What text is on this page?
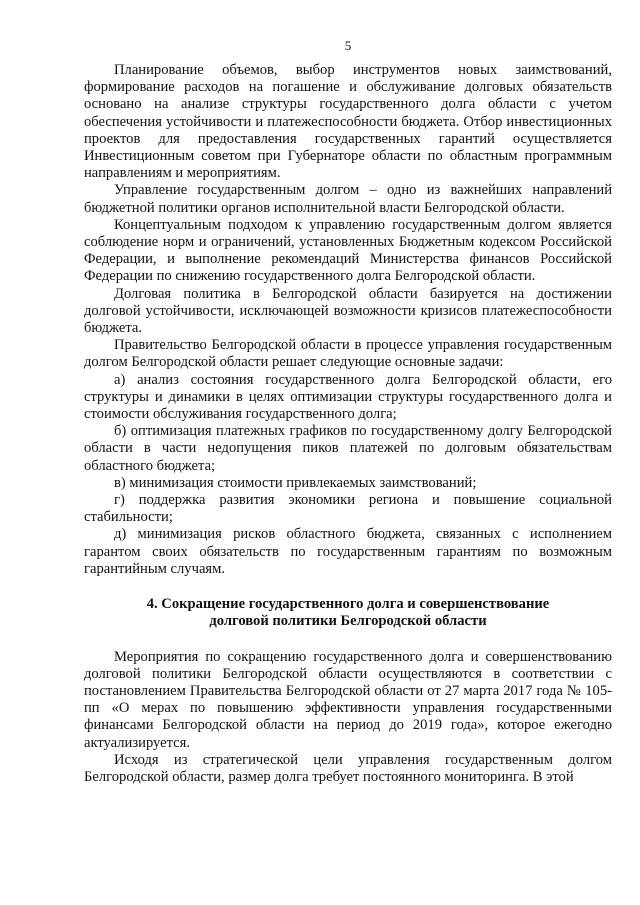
5

Планирование объемов, выбор инструментов новых заимствований, формирование расходов на погашение и обслуживание долговых обязательств основано на анализе структуры государственного долга области с учетом обеспечения устойчивости и платежеспособности бюджета. Отбор инвестиционных проектов для предоставления государственных гарантий осуществляется Инвестиционным советом при Губернаторе области по областным программным направлениям и мероприятиям.

Управление государственным долгом – одно из важнейших направлений бюджетной политики органов исполнительной власти Белгородской области.

Концептуальным подходом к управлению государственным долгом является соблюдение норм и ограничений, установленных Бюджетным кодексом Российской Федерации, и выполнение рекомендаций Министерства финансов Российской Федерации по снижению государственного долга Белгородской области.

Долговая политика в Белгородской области базируется на достижении долговой устойчивости, исключающей возможности кризисов платежеспособности бюджета.

Правительство Белгородской области в процессе управления государственным долгом Белгородской области решает следующие основные задачи:

а) анализ состояния государственного долга Белгородской области, его структуры и динамики в целях оптимизации структуры государственного долга и стоимости обслуживания государственного долга;

б) оптимизация платежных графиков по государственному долгу Белгородской области в части недопущения пиков платежей по долговым обязательствам областного бюджета;

в) минимизация стоимости привлекаемых заимствований;

г) поддержка развития экономики региона и повышение социальной стабильности;

д) минимизация рисков областного бюджета, связанных с исполнением гарантом своих обязательств по государственным гарантиям по возможным гарантийным случаям.

4. Сокращение государственного долга и совершенствование
долговой политики Белгородской области

Мероприятия по сокращению государственного долга и совершенствованию долговой политики Белгородской области осуществляются в соответствии с постановлением Правительства Белгородской области от 27 марта 2017 года № 105-пп «О мерах по повышению эффективности управления государственными финансами Белгородской области на период до 2019 года», которое ежегодно актуализируется.

Исходя из стратегической цели управления государственным долгом Белгородской области, размер долга требует постоянного мониторинга. В этой
